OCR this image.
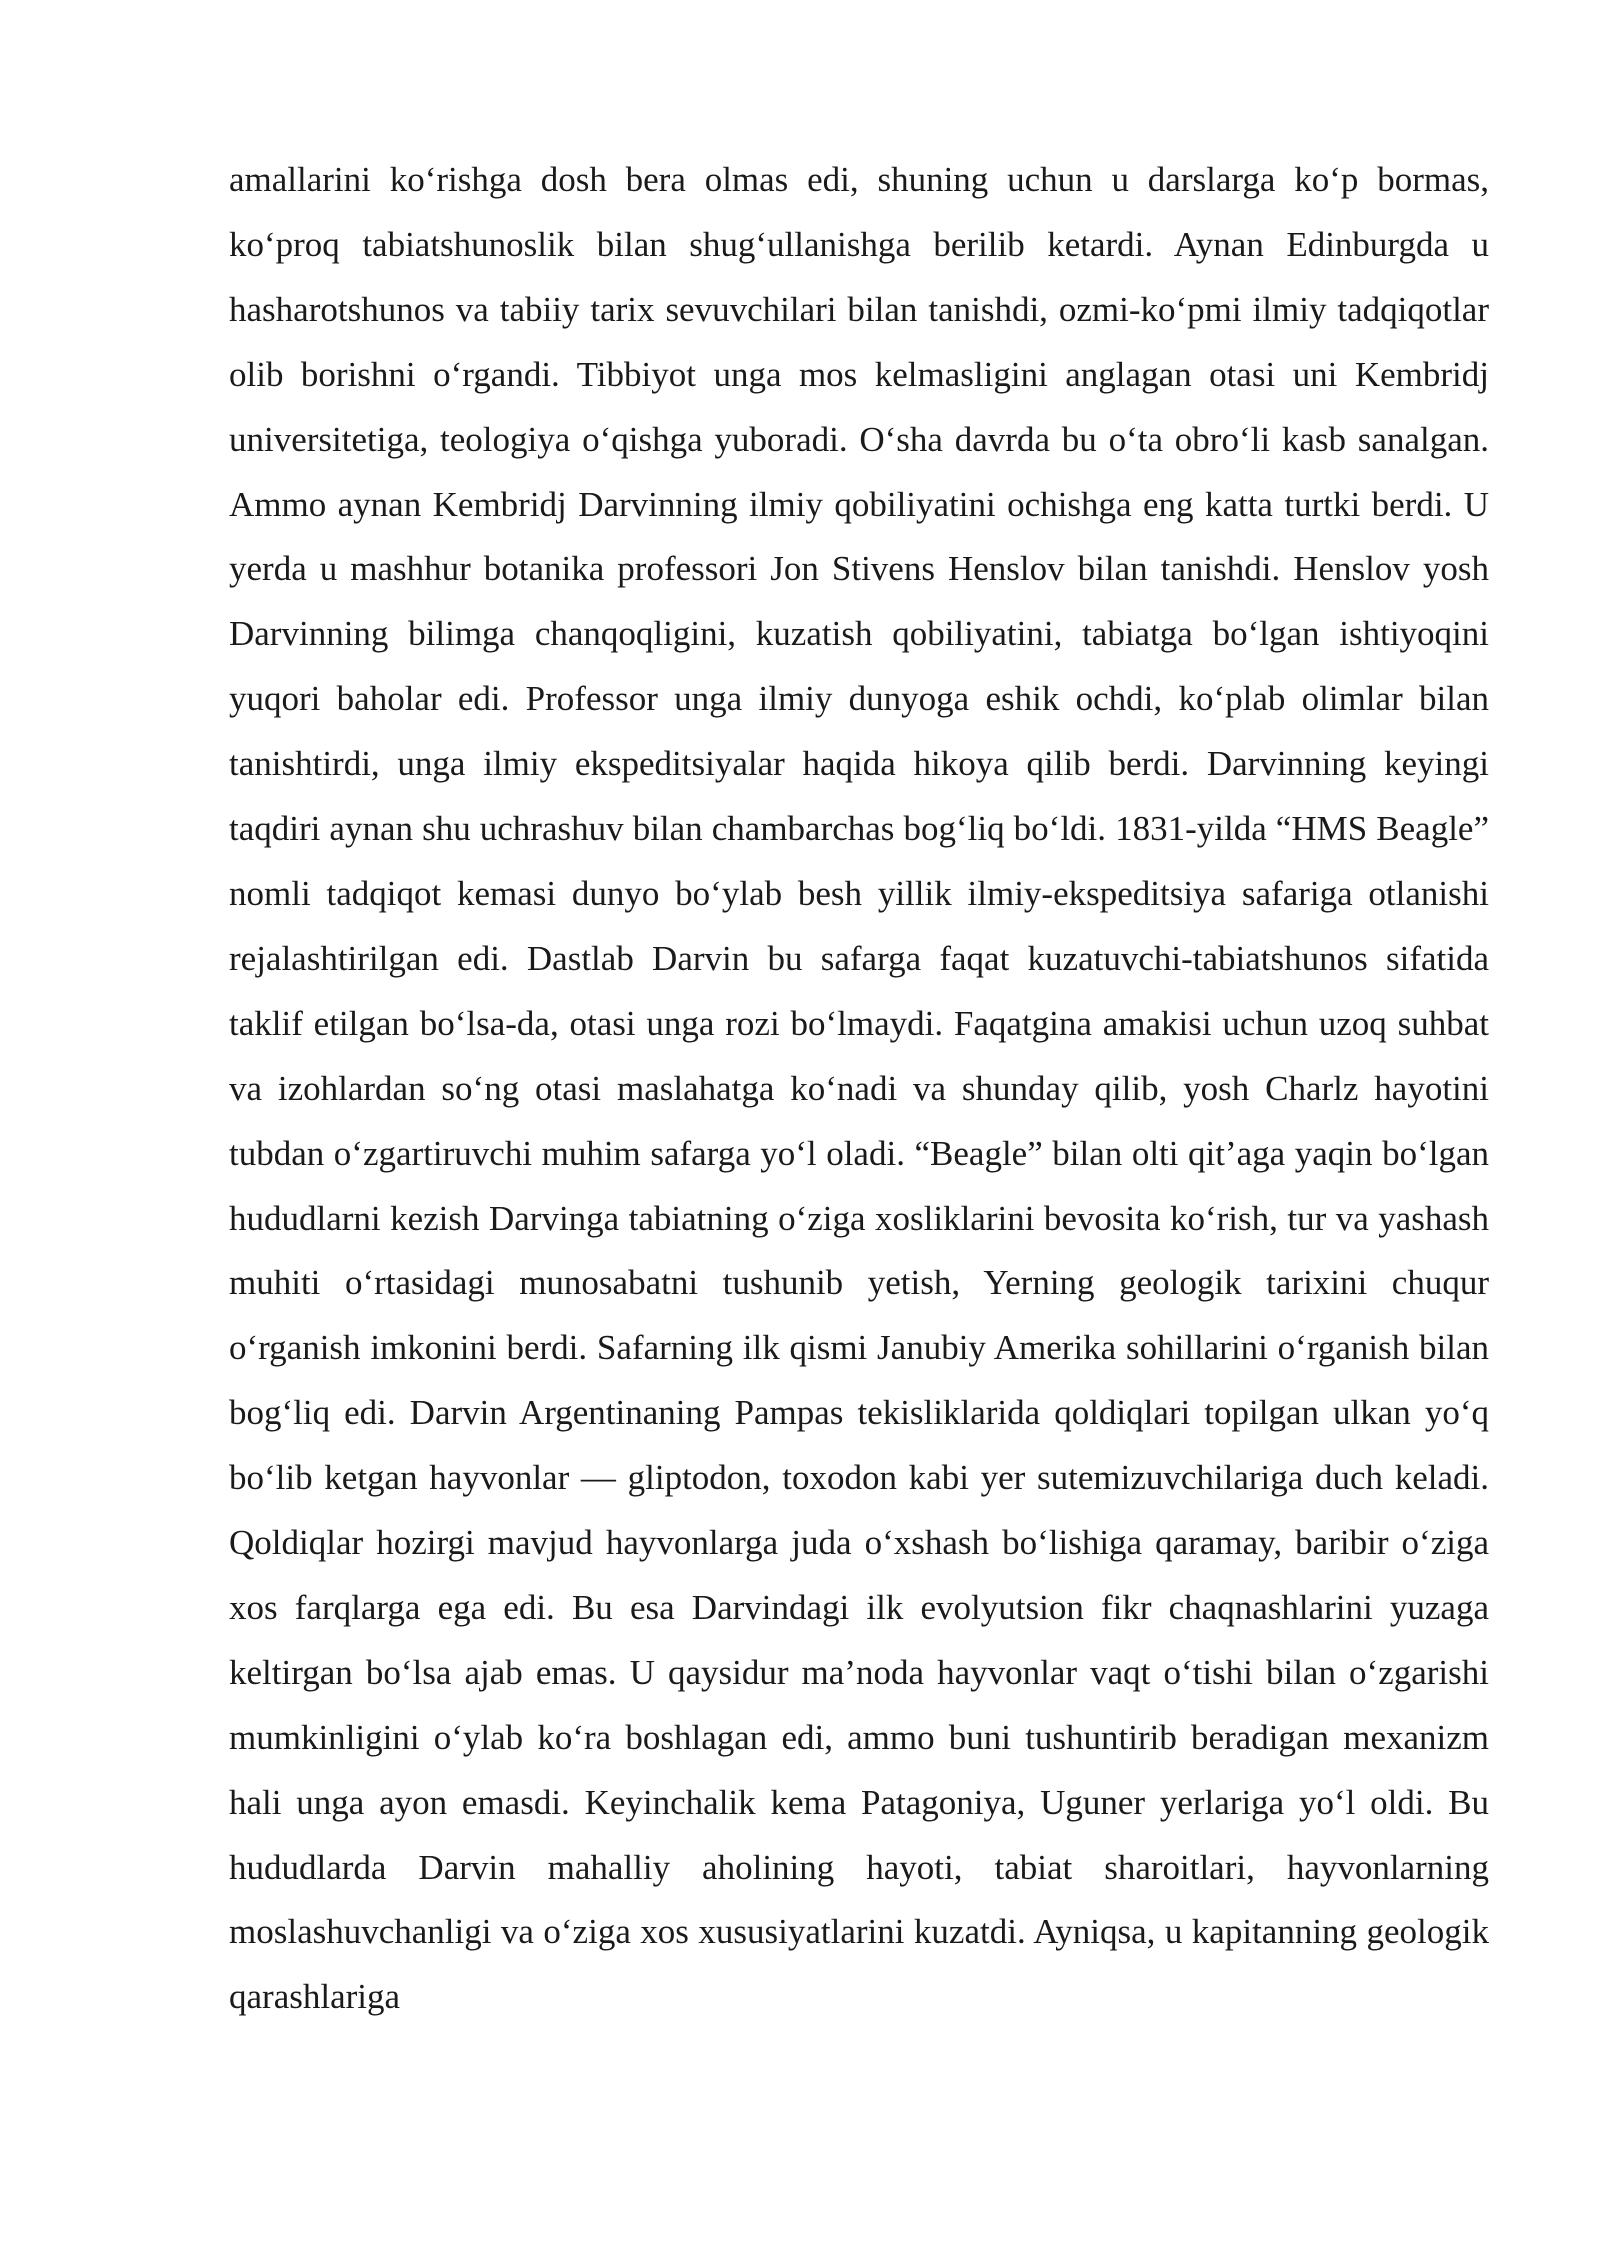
amallarini ko‘rishga dosh bera olmas edi, shuning uchun u darslarga ko‘p bormas, ko‘proq tabiatshunoslik bilan shug‘ullanishga berilib ketardi. Aynan Edinburgda u hasharotshunos va tabiiy tarix sevuvchilari bilan tanishdi, ozmi-ko‘pmi ilmiy tadqiqotlar olib borishni o‘rgandi. Tibbiyot unga mos kelmasligini anglagan otasi uni Kembridj universitetiga, teologiya o‘qishga yuboradi. O‘sha davrda bu o‘ta obro‘li kasb sanalgan. Ammo aynan Kembridj Darvinning ilmiy qobiliyatini ochishga eng katta turtki berdi. U yerda u mashhur botanika professori Jon Stivens Henslov bilan tanishdi. Henslov yosh Darvinning bilimga chanqoqligini, kuzatish qobiliyatini, tabiatga bo‘lgan ishtiyoqini yuqori baholar edi. Professor unga ilmiy dunyoga eshik ochdi, ko‘plab olimlar bilan tanishtirdi, unga ilmiy ekspeditsiyalar haqida hikoya qilib berdi. Darvinning keyingi taqdiri aynan shu uchrashuv bilan chambarchas bog‘liq bo‘ldi. 1831-yilda “HMS Beagle” nomli tadqiqot kemasi dunyo bo‘ylab besh yillik ilmiy-ekspeditsiya safariga otlanishi rejalashtirilgan edi. Dastlab Darvin bu safarga faqat kuzatuvchi-tabiatshunos sifatida taklif etilgan bo‘lsa-da, otasi unga rozi bo‘lmaydi. Faqatgina amakisi uchun uzoq suhbat va izohlardan so‘ng otasi maslahatga ko‘nadi va shunday qilib, yosh Charlz hayotini tubdan o‘zgartiruvchi muhim safarga yo‘l oladi. “Beagle” bilan olti qit’aga yaqin bo‘lgan hududlarni kezish Darvinga tabiatning o‘ziga xosliklarini bevosita ko‘rish, tur va yashash muhiti o‘rtasidagi munosabatni tushunib yetish, Yerning geologik tarixini chuqur o‘rganish imkonini berdi. Safarning ilk qismi Janubiy Amerika sohillarini o‘rganish bilan bog‘liq edi. Darvin Argentinaning Pampas tekisliklarida qoldiqlari topilgan ulkan yo‘q bo‘lib ketgan hayvonlar — gliptodon, toxodon kabi yer sutemizuvchilariga duch keladi. Qoldiqlar hozirgi mavjud hayvonlarga juda o‘xshash bo‘lishiga qaramay, baribir o‘ziga xos farqlarga ega edi. Bu esa Darvindagi ilk evolyutsion fikr chaqnashlarini yuzaga keltirgan bo‘lsa ajab emas. U qaysidur ma’noda hayvonlar vaqt o‘tishi bilan o‘zgarishi mumkinligini o‘ylab ko‘ra boshlagan edi, ammo buni tushuntirib beradigan mexanizm hali unga ayon emasdi. Keyinchalik kema Patagoniya, Uguner yerlariga yo‘l oldi. Bu hududlarda Darvin mahalliy aholining hayoti, tabiat sharoitlari, hayvonlarning moslashuvchanligi va o‘ziga xos xususiyatlarini kuzatdi. Ayniqsa, u kapitanning geologik qarashlariga
